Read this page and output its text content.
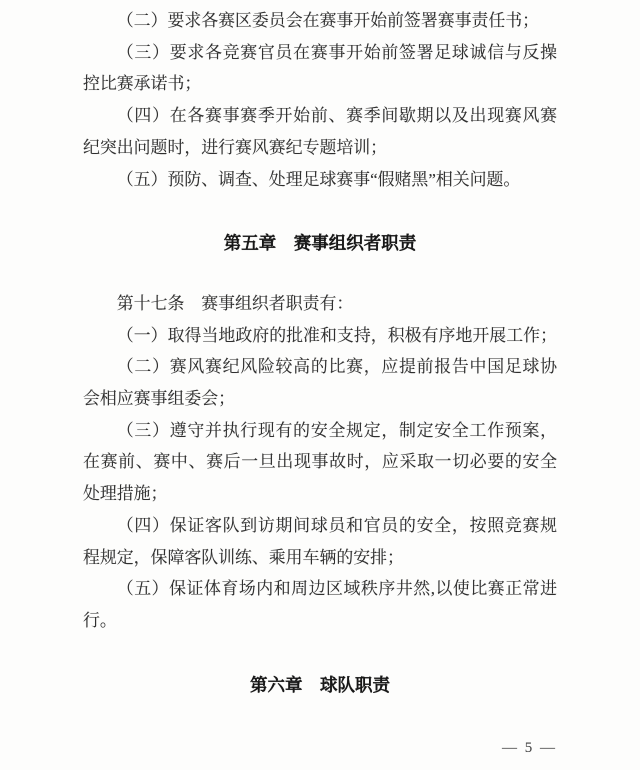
（二）要求各赛区委员会在赛事开始前签署赛事责任书；
（三）要求各竞赛官员在赛事开始前签署足球诚信与反操
控比赛承诺书；
（四）在各赛事赛季开始前、赛季间歇期以及出现赛风赛
纪突出问题时，进行赛风赛纪专题培训；
（五）预防、调查、处理足球赛事“假赌黑”相关问题。
第五章　赛事组织者职责
第十七条　赛事组织者职责有：
（一）取得当地政府的批准和支持，积极有序地开展工作；
（二）赛风赛纪风险较高的比赛，应提前报告中国足球协
会相应赛事组委会；
（三）遵守并执行现有的安全规定，制定安全工作预案，
在赛前、赛中、赛后一旦出现事故时，应采取一切必要的安全
处理措施；
（四）保证客队到访期间球员和官员的安全，按照竞赛规
程规定，保障客队训练、乘用车辆的安排；
（五）保证体育场内和周边区域秩序井然,以使比赛正常进
行。
第六章　球队职责
— 5 —
